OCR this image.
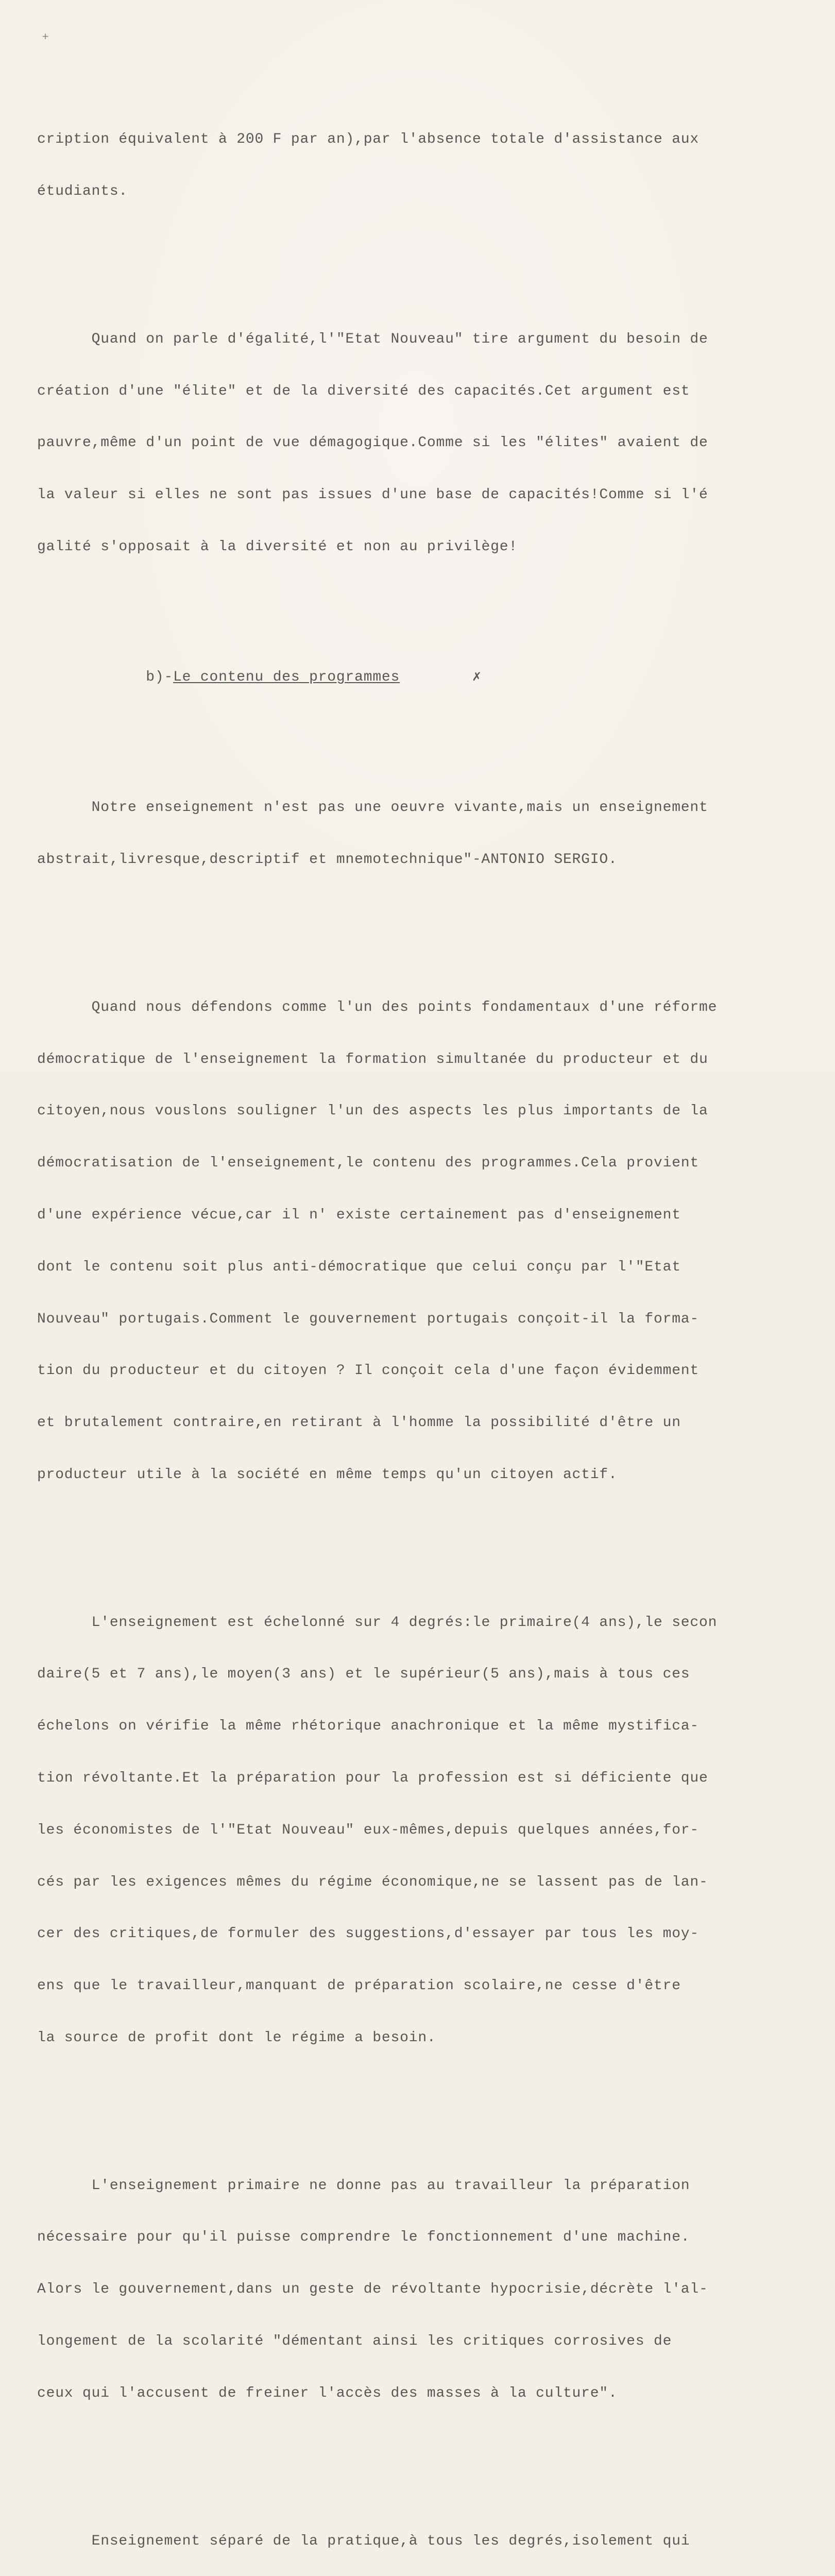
+

cription équivalent à 200 F par an),par l'absence totale d'assistance aux

étudiants.

Quand on parle d'égalité,l'"Etat Nouveau" tire argument du besoin de

création d'une "élite" et de la diversité des capacités.Cet argument est

pauvre,même d'un point de vue démagogique.Comme si les "élites" avaient de

la valeur si elles ne sont pas issues d'une base de capacités!Comme si l'é

galité s'opposait à la diversité et non au privilège!

b)-Le contenu des programmes	✗

Notre enseignement n'est pas une oeuvre vivante,mais un enseignement

abstrait,livresque,descriptif et mnemotechnique"-ANTONIO SERGIO.

Quand nous défendons comme l'un des points fondamentaux d'une réforme

démocratique de l'enseignement la formation simultanée du producteur et du

citoyen,nous vouslons souligner l'un des aspects les plus importants de la

démocratisation de l'enseignement,le contenu des programmes.Cela provient

d'une expérience vécue,car il n' existe certainement pas d'enseignement

dont le contenu soit plus anti-démocratique que celui conçu par l'"Etat

Nouveau" portugais.Comment le gouvernement portugais conçoit-il la forma-

tion du producteur et du citoyen ? Il conçoit cela d'une façon évidemment

et brutalement contraire,en retirant à l'homme la possibilité d'être un

producteur utile à la société en même temps qu'un citoyen actif.

L'enseignement est échelonné sur 4 degrés:le primaire(4 ans),le secon

daire(5 et 7 ans),le moyen(3 ans) et le supérieur(5 ans),mais à tous ces

échelons on vérifie la même rhétorique anachronique et la même mystifica-

tion révoltante.Et la préparation pour la profession est si déficiente que

les économistes de l'"Etat Nouveau" eux-mêmes,depuis quelques années,for-

cés par les exigences mêmes du régime économique,ne se lassent pas de lan-

cer des critiques,de formuler des suggestions,d'essayer par tous les moy-

ens que le travailleur,manquant de préparation scolaire,ne cesse d'être

la source de profit dont le régime a besoin.

L'enseignement primaire ne donne pas au travailleur la préparation

nécessaire pour qu'il puisse comprendre le fonctionnement d'une machine.

Alors le gouvernement,dans un geste de révoltante hypocrisie,décrète l'al-

longement de la scolarité "démentant ainsi les critiques corrosives de

ceux qui l'accusent de freiner l'accès des masses à la culture".

Enseignement séparé de la pratique,à tous les degrés,isolement qui
